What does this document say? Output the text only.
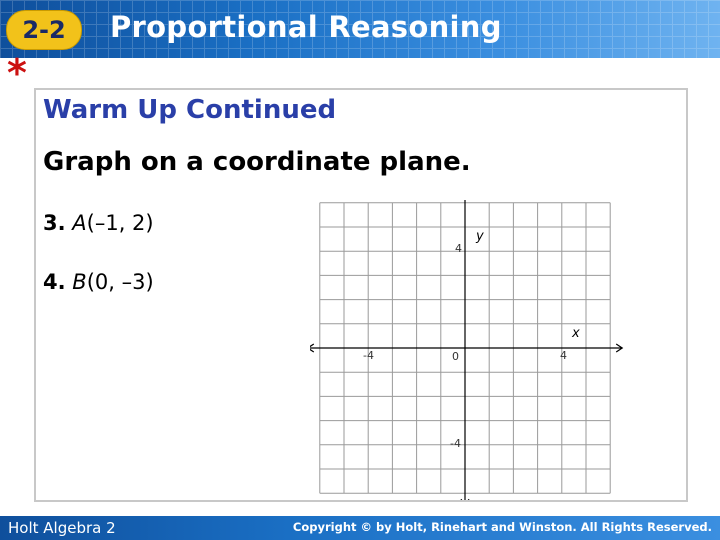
2-2	Proportional Reasoning
*
Warm Up Continued
Graph on a coordinate plane.
3. A(–1, 2)
4. B(0, –3)
y
x
4
-4	0	4
-4
Holt Algebra 2	Copyright © by Holt, Rinehart and Winston. All Rights Reserved.
